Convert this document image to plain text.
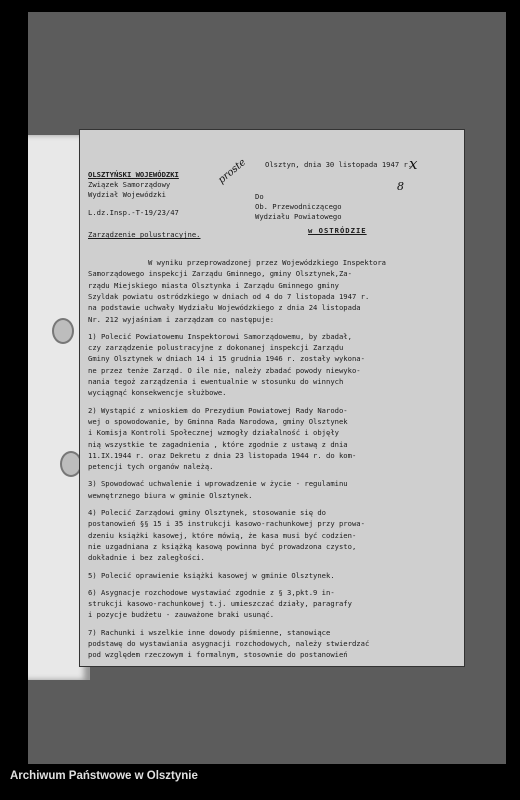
OLSZTYŃSKI WOJEWÓDZKI
Związek Samorządowy
Wydział Wojewódzki
L.dz.Insp.-T-19/23/47
Zarządzenie polustracyjne.
Olsztyn, dnia 30 listopada 1947 r.
Do
Ob. Przewodniczącego
Wydziału Powiatowego
w OSTRÓDZIE
proste
8
x
W wyniku przeprowadzonej przez Wojewódzkiego Inspektora
Samorządowego inspekcji Zarządu Gminnego, gminy Olsztynek,Za-
rządu Miejskiego miasta Olsztynka i Zarządu Gminnego gminy
Szyldak powiatu ostródzkiego w dniach od 4 do 7 listopada 1947 r.
na podstawie uchwały Wydziału Wojewódzkiego z dnia 24 listopada
Nr. 212 wyjaśniam i zarządzam co następuje:
1) Polecić Powiatowemu Inspektorowi Samorządowemu, by zbadał,
czy zarządzenie polustracyjne z dokonanej inspekcji Zarządu
Gminy Olsztynek w dniach 14 i 15 grudnia 1946 r. zostały wykona-
ne przez tenże Zarząd. O ile nie, należy zbadać powody niewyko-
nania tegoż zarządzenia i ewentualnie w stosunku do winnych
wyciągnąć konsekwencje służbowe.
2) Wystąpić z wnioskiem do Prezydium Powiatowej Rady Narodo-
wej o spowodowanie, by Gminna Rada Narodowa, gminy Olsztynek
i Komisja Kontroli Społecznej wzmogły działalność i objęły
nią wszystkie te zagadnienia , które zgodnie z ustawą z dnia
11.IX.1944 r. oraz Dekretu z dnia 23 listopada 1944 r. do kom-
petencji tych organów należą.
3) Spowodować uchwalenie i wprowadzenie w życie - regulaminu
wewnętrznego biura w gminie Olsztynek.
4) Polecić Zarządowi gminy Olsztynek, stosowanie się do
postanowień §§ 15 i 35 instrukcji kasowo-rachunkowej przy prowa-
dzeniu książki kasowej, które mówią, że kasa musi być codzien-
nie uzgadniana z książką kasową powinna być prowadzona czysto,
dokładnie i bez zaległości.
5) Polecić oprawienie książki kasowej w gminie Olsztynek.
6) Asygnacje rozchodowe wystawiać zgodnie z § 3,pkt.9 in-
strukcji kasowo-rachunkowej t.j. umieszczać działy, paragrafy
i pozycje budżetu - zauważone braki usunąć.
7) Rachunki i wszelkie inne dowody piśmienne, stanowiące
podstawę do wystawiania asygnacji rozchodowych, należy stwierdzać
pod względem rzeczowym i formalnym, stosownie do postanowień
Archiwum Państwowe w Olsztynie
